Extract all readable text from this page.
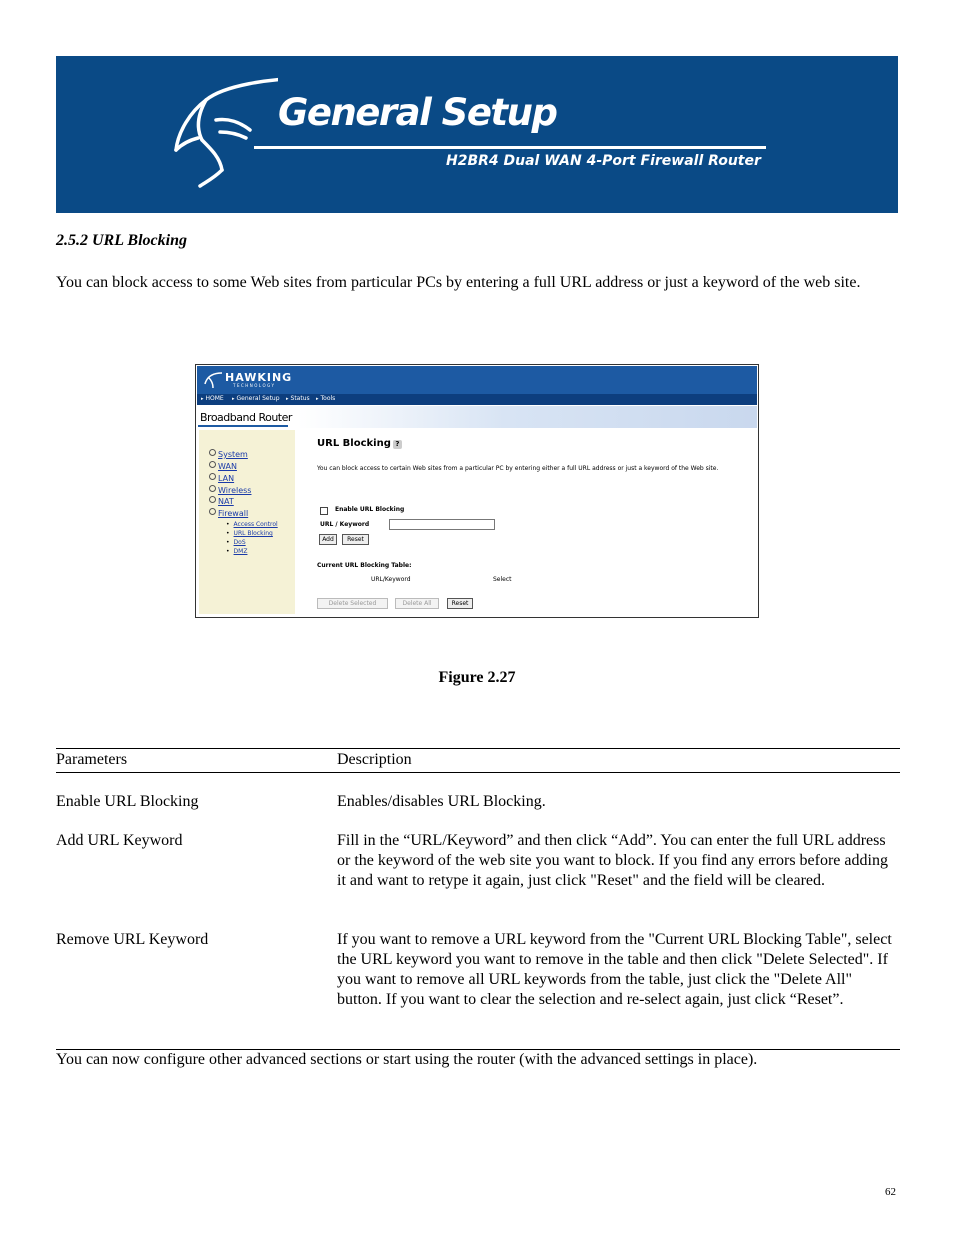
General Setup
H2BR4 Dual WAN 4-Port Firewall Router
2.5.2 URL Blocking
You can block access to some Web sites from particular PCs by entering a full URL address or just a keyword of the web site.
HAWKING
TECHNOLOGY
▸ HOME	▸ General Setup	▸ Status	▸ Tools
Broadband Router
System
WAN
LAN
Wireless
NAT
Firewall
• Access Control
• URL Blocking
• DoS
• DMZ
URL Blocking ?
You can block access to certain Web sites from a particular PC by entering either a full URL address or just a keyword of the Web site.
Enable URL Blocking
URL / Keyword
Add	Reset
Current URL Blocking Table:
URL/Keyword	Select
Delete Selected	Delete All	Reset
Figure 2.27
Parameters	Description
Enable URL Blocking	Enables/disables URL Blocking.
Add URL Keyword	Fill in the “URL/Keyword” and then click “Add”. You can enter the full URL address or the keyword of the web site you want to block. If you find any errors before adding it and want to retype it again, just click "Reset" and the field will be cleared.
Remove URL Keyword	If you want to remove a URL keyword from the "Current URL Blocking Table", select the URL keyword you want to remove in the table and then click "Delete Selected". If you want to remove all URL keywords from the table, just click the "Delete All" button. If you want to clear the selection and re-select again, just click “Reset”.
You can now configure other advanced sections or start using the router (with the advanced settings in place).
62
